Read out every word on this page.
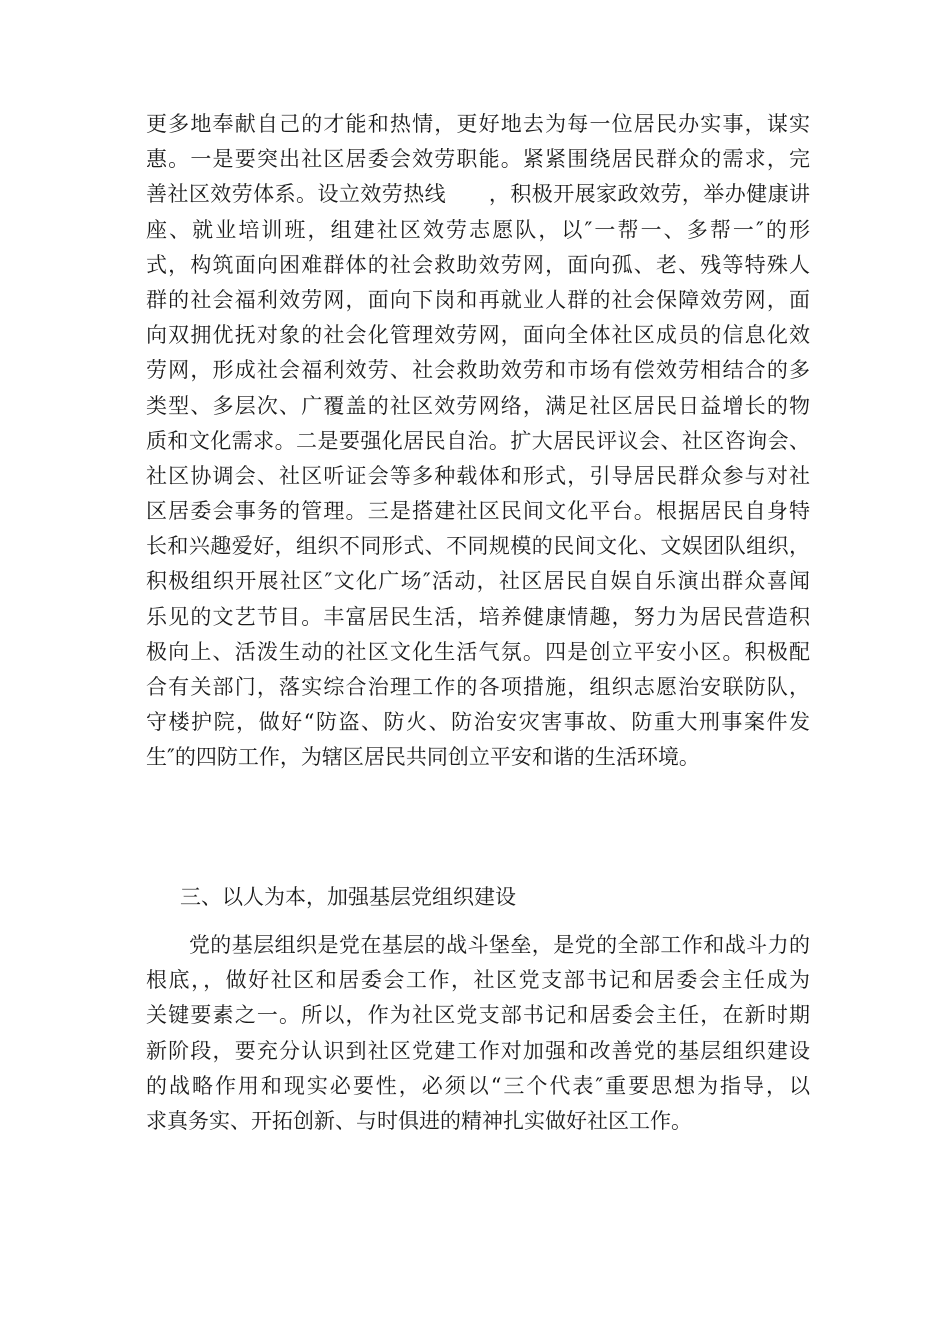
更多地奉献自己的才能和热情，更好地去为每一位居民办实事，谋实
惠。一是要突出社区居委会效劳职能。紧紧围绕居民群众的需求，完
善社区效劳体系。设立效劳热线　　，积极开展家政效劳，举办健康讲
座、就业培训班，组建社区效劳志愿队，以″一帮一、多帮一″的形
式，构筑面向困难群体的社会救助效劳网，面向孤、老、残等特殊人
群的社会福利效劳网，面向下岗和再就业人群的社会保障效劳网，面
向双拥优抚对象的社会化管理效劳网，面向全体社区成员的信息化效
劳网，形成社会福利效劳、社会救助效劳和市场有偿效劳相结合的多
类型、多层次、广覆盖的社区效劳网络，满足社区居民日益增长的物
质和文化需求。二是要强化居民自治。扩大居民评议会、社区咨询会、
社区协调会、社区听证会等多种载体和形式，引导居民群众参与对社
区居委会事务的管理。三是搭建社区民间文化平台。根据居民自身特
长和兴趣爱好，组织不同形式、不同规模的民间文化、文娱团队组织，
积极组织开展社区″文化广场″活动，社区居民自娱自乐演出群众喜闻
乐见的文艺节目。丰富居民生活，培养健康情趣，努力为居民营造积
极向上、活泼生动的社区文化生活气氛。四是创立平安小区。积极配
合有关部门，落实综合治理工作的各项措施，组织志愿治安联防队，
守楼护院，做好“防盗、防火、防治安灾害事故、防重大刑事案件发
生″的四防工作，为辖区居民共同创立平安和谐的生活环境。
三、以人为本，加强基层党组织建设
　　党的基层组织是党在基层的战斗堡垒，是党的全部工作和战斗力的
根底，，做好社区和居委会工作，社区党支部书记和居委会主任成为
关键要素之一。所以，作为社区党支部书记和居委会主任，在新时期
新阶段，要充分认识到社区党建工作对加强和改善党的基层组织建设
的战略作用和现实必要性，必须以“三个代表″重要思想为指导，以
求真务实、开拓创新、与时俱进的精神扎实做好社区工作。
